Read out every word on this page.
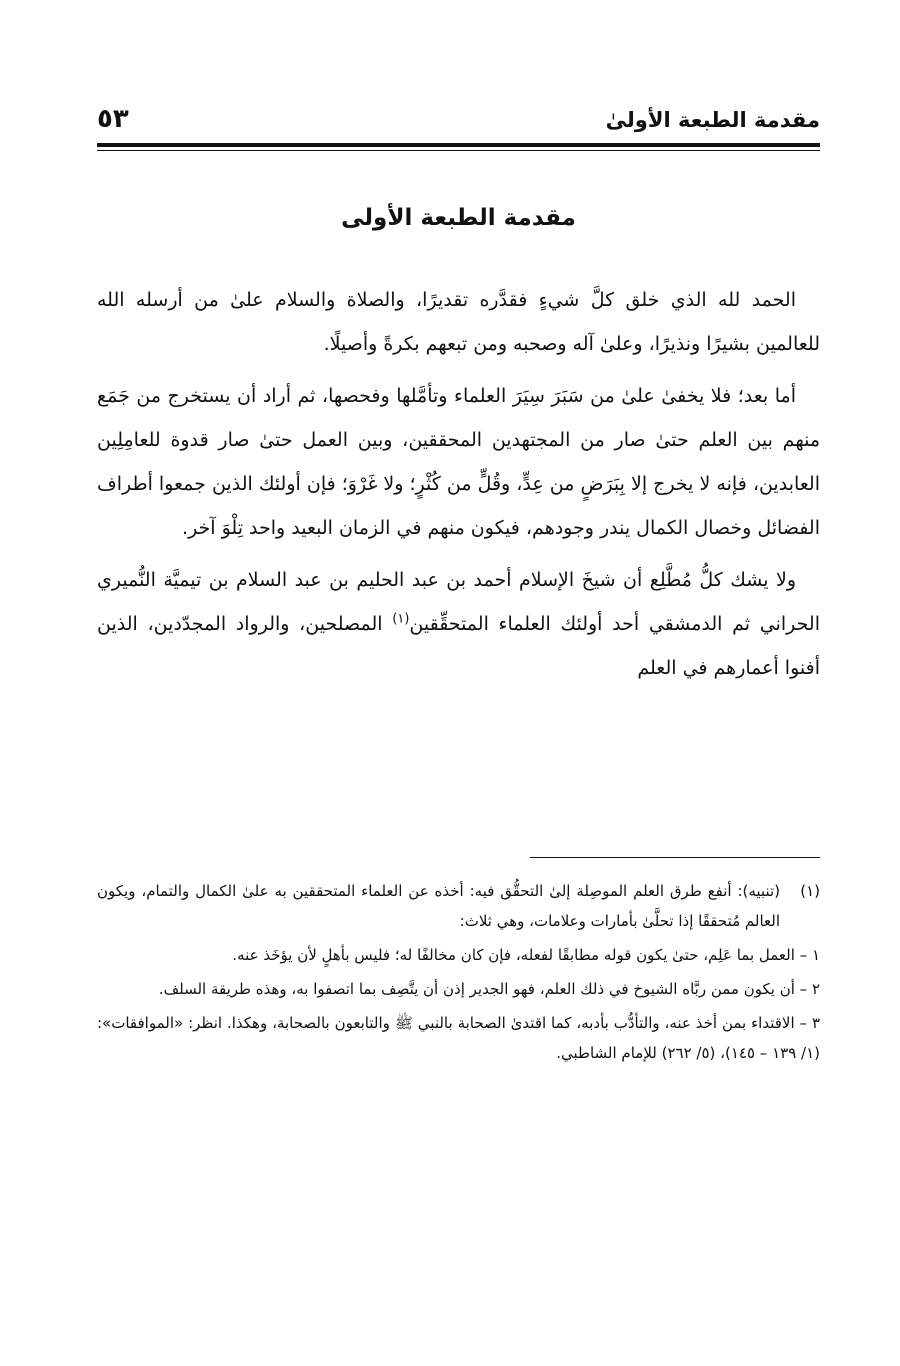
مقدمة الطبعة الأولىٰ
٥٣
مقدمة الطبعة الأولى

الحمد لله الذي خلق كلَّ شيءٍ فقدَّره تقديرًا، والصلاة والسلام علىٰ من أرسله الله للعالمين بشيرًا ونذيرًا، وعلىٰ آله وصحبه ومن تبعهم بكرةً وأصيلًا.

أما بعد؛ فلا يخفىٰ علىٰ من سَبَرَ سِيَرَ العلماء وتأمَّلها وفحصها، ثم أراد أن يستخرج من جَمَع منهم بين العلم حتىٰ صار من المجتهدين المحققين، وبين العمل حتىٰ صار قدوة للعامِلِين العابدين، فإنه لا يخرج إلا بِبَرَضٍ من عِدٍّ، وقُلٍّ من كُثْرٍ؛ ولا غَرْوَ؛ فإن أولئك الذين جمعوا أطراف الفضائل وخصال الكمال يندر وجودهم، فيكون منهم في الزمان البعيد واحد تِلْوَ آخر.

ولا يشك كلُّ مُطَّلِع أن شيخَ الإسلام أحمد بن عبد الحليم بن عبد السلام بن تيميَّة النُّميري الحراني ثم الدمشقي أحد أولئك العلماء المتحقِّقين$^{(١)}$ المصلحين، والرواد المجدّدين، الذين أفنوا أعمارهم في العلم

(١)
(تنبيه): أنفع طرق العلم الموصِلة إلىٰ التحقُّق فيه: أخذه عن العلماء المتحققين به علىٰ الكمال والتمام، ويكون العالم مُتحققًا إذا تحلَّىٰ بأمارات وعلامات، وهي ثلاث:

١ – العمل بما عَلِم، حتىٰ يكون قوله مطابقًا لفعله، فإن كان مخالفًا له؛ فليس بأهلٍ لأن يؤخَذ عنه.

٢ – أن يكون ممن ربَّاه الشيوخ في ذلك العلم، فهو الجدير إذن أن يتَّصِف بما اتصفوا به، وهذه طريقة السلف.

٣ – الاقتداء بمن أخذ عنه، والتأدُّب بأدبه، كما اقتدىٰ الصحابة بالنبي ﷺ والتابعون بالصحابة، وهكذا. انظر: «الموافقات»: (١/ ١٣٩ – ١٤٥)، (٥/ ٢٦٢) للإمام الشاطبي.
